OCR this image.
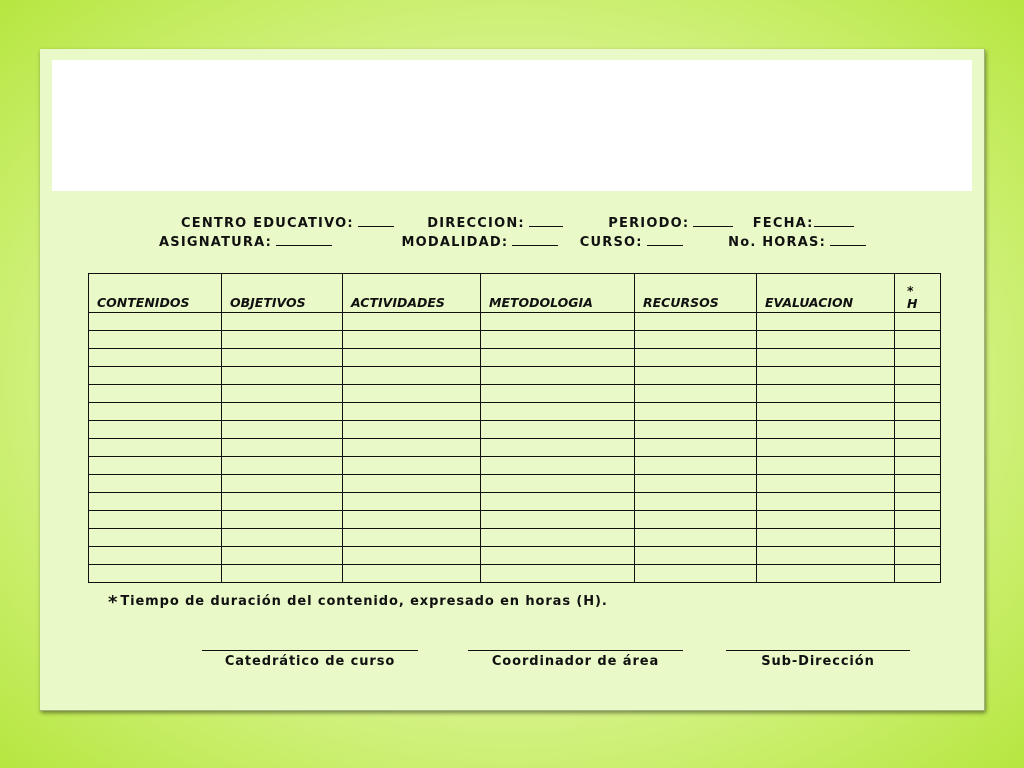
CENTRO EDUCATIVO:	DIRECCION:	PERIODO:	FECHA:
ASIGNATURA:	MODALIDAD:	CURSO:	No. HORAS:
CONTENIDOS	OBJETIVOS	ACTIVIDADES	METODOLOGIA	RECURSOS	EVALUACION	*
H

* Tiempo de duración del contenido, expresado en horas (H).
Catedrático de curso	Coordinador de área	Sub-Dirección
